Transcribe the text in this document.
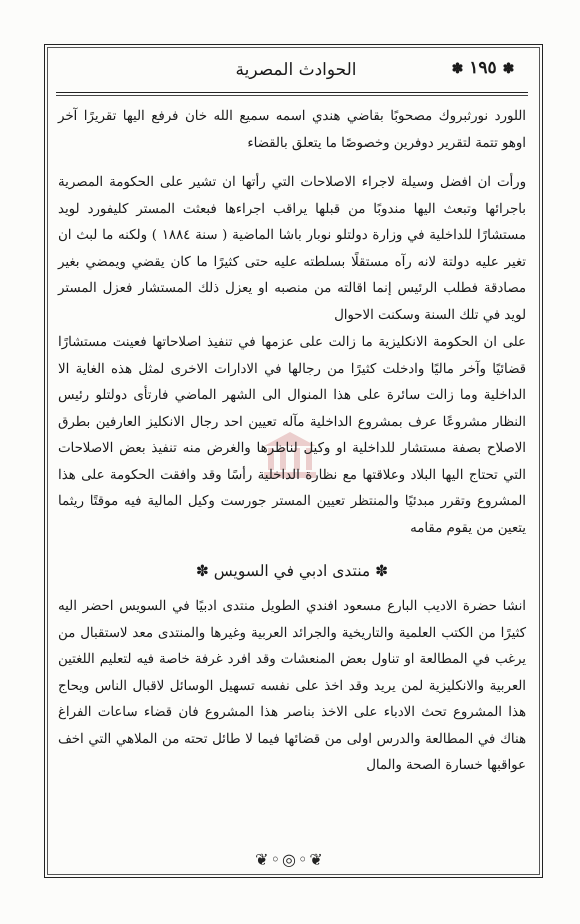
✽ ١٩٥ ✽
الحوادث المصرية

اللورد نورثبروك مصحوبًا بقاضي هندي اسمه سميع الله خان فرفع اليها تقريرًا آخر اوهو تتمة لتقرير دوفرين وخصوصًا ما يتعلق بالقضاء

ورأت ان افضل وسيلة لاجراء الاصلاحات التي رأتها ان تشير على الحكومة المصرية باجرائها وتبعث اليها مندوبًا من قبلها يراقب اجراءها فبعثت المستر كليفورد لويد مستشارًا للداخلية في وزارة دولتلو نوبار باشا الماضية ( سنة ١٨٨٤ ) ولكنه ما لبث ان تغير عليه دولتة لانه رآه مستقلًا بسلطته عليه حتى كثيرًا ما كان يقضي ويمضي بغير مصادقة فطلب الرئيس إنما اقالته من منصبه او يعزل ذلك المستشار فعزل المستر لويد في تلك السنة وسكنت الاحوال

على ان الحكومة الانكليزية ما زالت على عزمها في تنفيذ اصلاحاتها فعينت مستشارًا قضائيًا وآخر ماليًا وادخلت كثيرًا من رجالها في الادارات الاخرى لمثل هذه الغاية الا الداخلية وما زالت سائرة على هذا المنوال الى الشهر الماضي فارتأى دولتلو رئيس النظار مشروعًا عرف بمشروع الداخلية مآله تعيين احد رجال الانكليز العارفين بطرق الاصلاح بصفة مستشار للداخلية او وكيل لناظرها والغرض منه تنفيذ بعض الاصلاحات التي تحتاج اليها البلاد وعلاقتها مع نظارة الداخلية رأسًا وقد وافقت الحكومة على هذا المشروع وتقرر مبدئيًا والمنتظر تعيين المستر جورست وكيل المالية فيه موقتًا ريثما يتعين من يقوم مقامه

✽ منتدى ادبي في السويس ✽

انشا حضرة الاديب البارع مسعود افندي الطويل منتدى ادبيًا في السويس احضر اليه كثيرًا من الكتب العلمية والتاريخية والجرائد العربية وغيرها والمنتدى معد لاستقبال من يرغب في المطالعة او تناول بعض المنعشات وقد افرد غرفة خاصة فيه لتعليم اللغتين العربية والانكليزية لمن يريد وقد اخذ على نفسه تسهيل الوسائل لاقبال الناس ويحاج هذا المشروع تحث الادباء على الاخذ بناصر هذا المشروع فان قضاء ساعات الفراغ هناك في المطالعة والدرس اولى من قضائها فيما لا طائل تحته من الملاهي التي اخف عواقبها خسارة الصحة والمال

❦◦◎◦❦
